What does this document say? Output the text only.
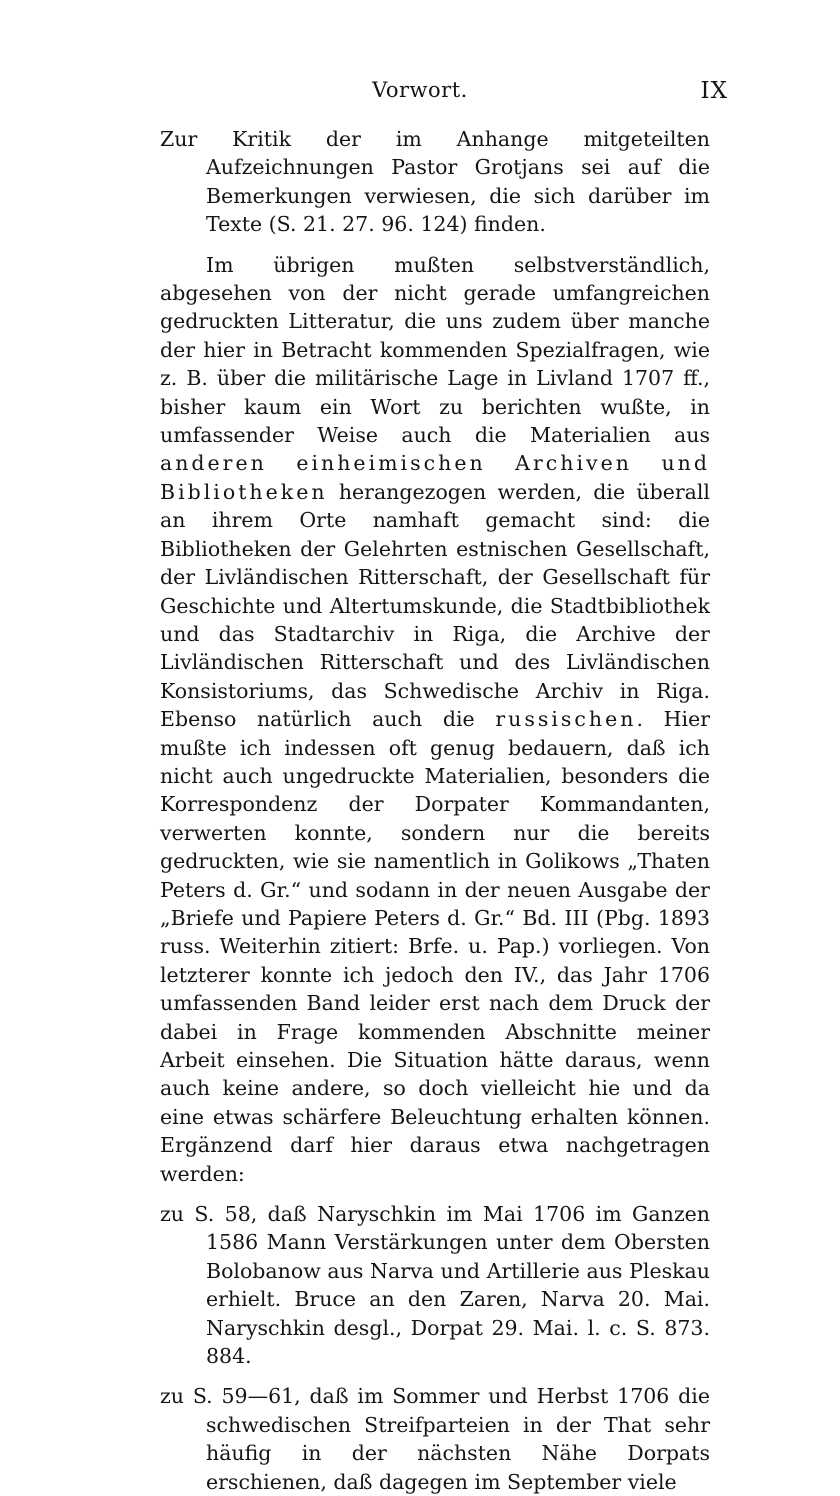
Vorwort.	IX

Zur Kritik der im Anhange mitgeteilten Aufzeichnungen Pastor Grotjans sei auf die Bemerkungen verwiesen, die sich darüber im Texte (S. 21. 27. 96. 124) finden.

Im übrigen mußten selbstverständlich, abgesehen von der nicht gerade umfangreichen gedruckten Litteratur, die uns zudem über manche der hier in Betracht kommenden Spezialfragen, wie z. B. über die militärische Lage in Livland 1707 ff., bisher kaum ein Wort zu berichten wußte, in umfassender Weise auch die Materialien aus anderen einheimischen Archiven und Bibliotheken herangezogen werden, die überall an ihrem Orte namhaft gemacht sind: die Bibliotheken der Gelehrten estnischen Gesellschaft, der Livländischen Ritterschaft, der Gesellschaft für Geschichte und Altertumskunde, die Stadtbibliothek und das Stadtarchiv in Riga, die Archive der Livländischen Ritterschaft und des Livländischen Konsistoriums, das Schwedische Archiv in Riga. Ebenso natürlich auch die russischen. Hier mußte ich indessen oft genug bedauern, daß ich nicht auch ungedruckte Materialien, besonders die Korrespondenz der Dorpater Kommandanten, verwerten konnte, sondern nur die bereits gedruckten, wie sie namentlich in Golikows „Thaten Peters d. Gr.“ und sodann in der neuen Ausgabe der „Briefe und Papiere Peters d. Gr.“ Bd. III (Pbg. 1893 russ. Weiterhin zitiert: Brfe. u. Pap.) vorliegen. Von letzterer konnte ich jedoch den IV., das Jahr 1706 umfassenden Band leider erst nach dem Druck der dabei in Frage kommenden Abschnitte meiner Arbeit einsehen. Die Situation hätte daraus, wenn auch keine andere, so doch vielleicht hie und da eine etwas schärfere Beleuchtung erhalten können. Ergänzend darf hier daraus etwa nachgetragen werden:

zu S. 58, daß Naryschkin im Mai 1706 im Ganzen 1586 Mann Verstärkungen unter dem Obersten Bolobanow aus Narva und Artillerie aus Pleskau erhielt. Bruce an den Zaren, Narva 20. Mai. Naryschkin desgl., Dorpat 29. Mai. l. c. S. 873. 884.

zu S. 59—61, daß im Sommer und Herbst 1706 die schwedischen Streifparteien in der That sehr häufig in der nächsten Nähe Dorpats erschienen, daß dagegen im September viele
